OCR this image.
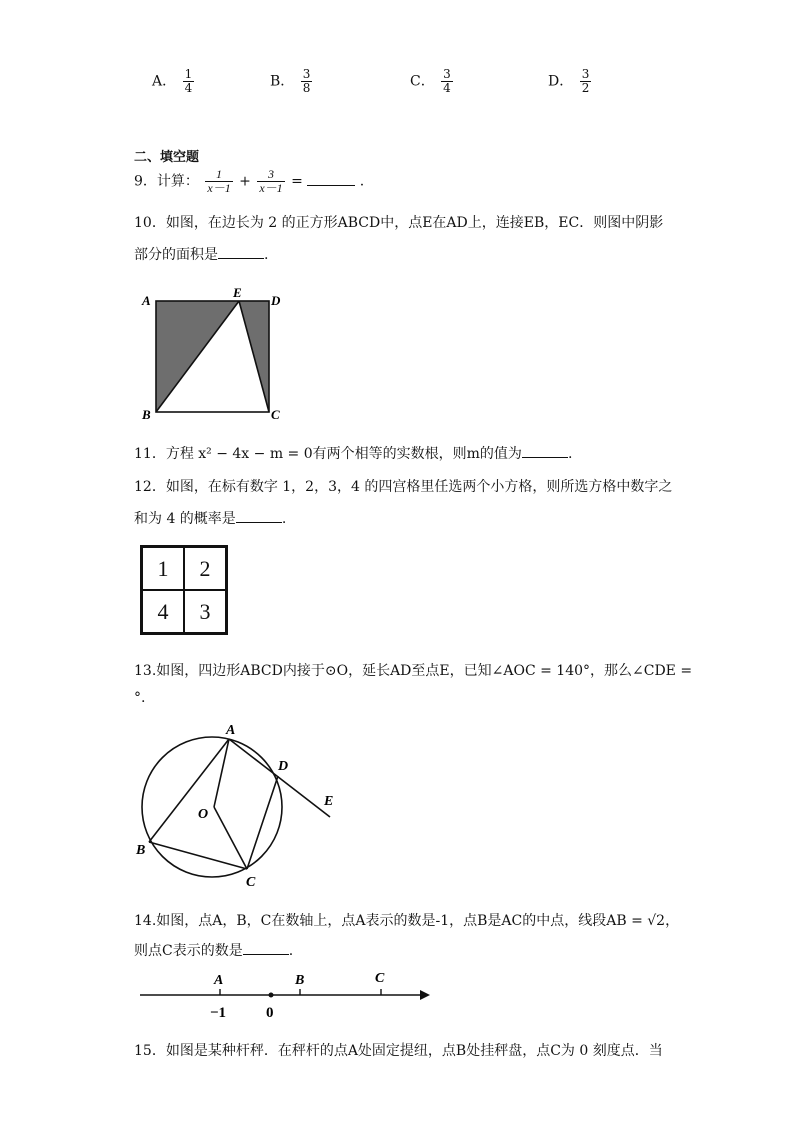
A． $\frac{1}{4}$	B． $\frac{3}{8}$	C． $\frac{3}{4}$	D． $\frac{3}{2}$
二、填空题
9．计算： $\frac{1}{x-1} + \frac{3}{x-1}$ =	.
10．如图，在边长为 2 的正方形ABCD中，点E在AD上，连接EB，EC．则图中阴影
部分的面积是	.
A
E
D
B	C
11．方程 x² − 4x − m = 0有两个相等的实数根，则m的值为	.
12．如图，在标有数字 1，2，3，4 的四宫格里任选两个小方格，则所选方格中数字之
和为 4 的概率是	.
1	2
4	3
13.如图，四边形ABCD内接于⊙O，延长AD至点E，已知∠AOC = 140°，那么∠CDE =
°.
A
D
E
O
B
C
14.如图，点A，B，C在数轴上，点A表示的数是-1，点B是AC的中点，线段AB = √2，
则点C表示的数是	.
A	B	C
−1	0
15．如图是某种杆秤．在秤杆的点A处固定提纽，点B处挂秤盘，点C为 0 刻度点．当
